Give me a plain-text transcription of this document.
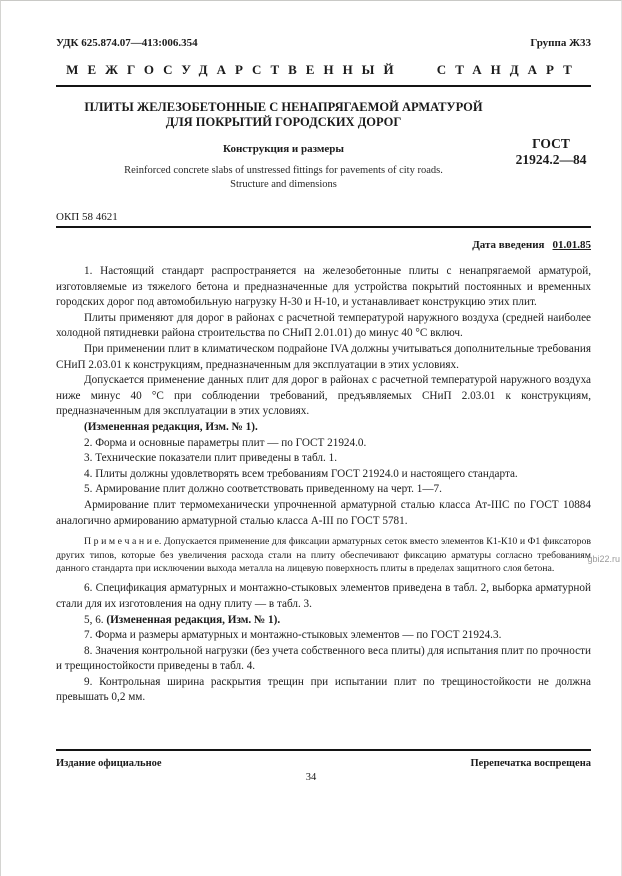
УДК 625.874.07—413:006.354	Группа Ж33
МЕЖГОСУДАРСТВЕННЫЙ СТАНДАРТ
ПЛИТЫ ЖЕЛЕЗОБЕТОННЫЕ С НЕНАПРЯГАЕМОЙ АРМАТУРОЙ
ДЛЯ ПОКРЫТИЙ ГОРОДСКИХ ДОРОГ
Конструкция и размеры
Reinforced concrete slabs of unstressed fittings for pavements of city roads.
Structure and dimensions
ГОСТ
21924.2—84
ОКП 58 4621
Дата введения 01.01.85

1. Настоящий стандарт распространяется на железобетонные плиты с ненапрягаемой арматурой, изготовляемые из тяжелого бетона и предназначенные для устройства покрытий постоянных и временных городских дорог под автомобильную нагрузку Н-30 и Н-10, и устанавливает конструкцию этих плит.

Плиты применяют для дорог в районах с расчетной температурой наружного воздуха (средней наиболее холодной пятидневки района строительства по СНиП 2.01.01) до минус 40 °С включ.

При применении плит в климатическом подрайоне IVA должны учитываться дополнительные требования СНиП 2.03.01 к конструкциям, предназначенным для эксплуатации в этих условиях.

Допускается применение данных плит для дорог в районах с расчетной температурой наружного воздуха ниже минус 40 °С при соблюдении требований, предъявляемых СНиП 2.03.01 к конструкциям, предназначенным для эксплуатации в этих условиях.

(Измененная редакция, Изм. № 1).

2. Форма и основные параметры плит — по ГОСТ 21924.0.

3. Технические показатели плит приведены в табл. 1.

4. Плиты должны удовлетворять всем требованиям ГОСТ 21924.0 и настоящего стандарта.

5. Армирование плит должно соответствовать приведенному на черт. 1—7.

Армирование плит термомеханически упрочненной арматурной сталью класса Ат-IIIС по ГОСТ 10884 аналогично армированию арматурной сталью класса А-III по ГОСТ 5781.

П р и м е ч а н и е. Допускается применение для фиксации арматурных сеток вместо элементов К1-К10 и Ф1 фиксаторов других типов, которые без увеличения расхода стали на плиту обеспечивают фиксацию арматуры согласно требованиям данного стандарта при исключении выхода металла на лицевую поверхность плиты в пределах защитного слоя бетона.

6. Спецификация арматурных и монтажно-стыковых элементов приведена в табл. 2, выборка арматурной стали для их изготовления на одну плиту — в табл. 3.

5, 6. (Измененная редакция, Изм. № 1).

7. Форма и размеры арматурных и монтажно-стыковых элементов — по ГОСТ 21924.3.

8. Значения контрольной нагрузки (без учета собственного веса плиты) для испытания плит по прочности и трещиностойкости приведены в табл. 4.

9. Контрольная ширина раскрытия трещин при испытании плит по трещиностойкости не должна превышать 0,2 мм.

Издание официальное	Перепечатка воспрещена
34
gbi22.ru
